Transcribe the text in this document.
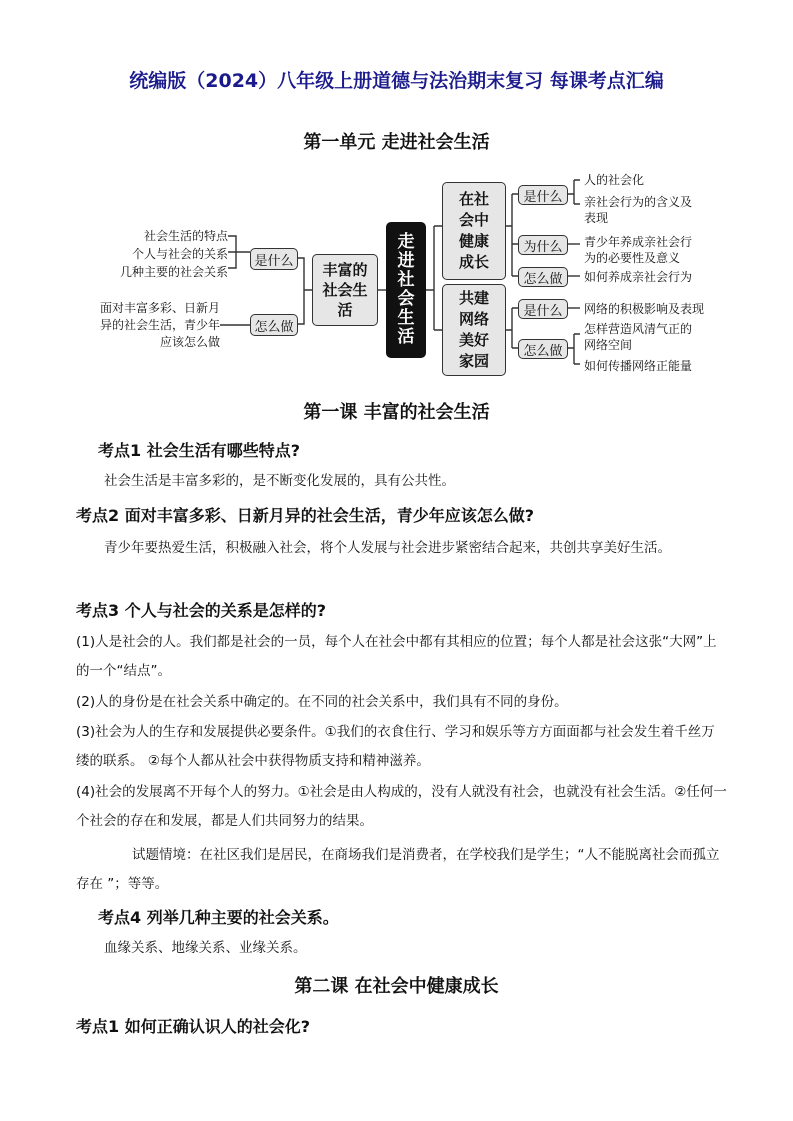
统编版（2024）八年级上册道德与法治期末复习 每课考点汇编
第一单元 走进社会生活
社会生活的特点
个人与社会的关系
几种主要的社会关系
面对丰富多彩、日新月
异的社会生活，青少年
应该怎么做
是什么
怎么做
丰富的社会生活
走进社会生活
在社会中健康成长
共建网络美好家园
是什么
为什么
怎么做
是什么
怎么做
人的社会化
亲社会行为的含义及
表现
青少年养成亲社会行
为的必要性及意义
如何养成亲社会行为
网络的积极影响及表现
怎样营造风清气正的
网络空间
如何传播网络正能量
第一课 丰富的社会生活
考点1 社会生活有哪些特点?
社会生活是丰富多彩的，是不断变化发展的，具有公共性。
考点2 面对丰富多彩、日新月异的社会生活，青少年应该怎么做?
青少年要热爱生活，积极融入社会，将个人发展与社会进步紧密结合起来，共创共享美好生活。
考点3 个人与社会的关系是怎样的?
(1)人是社会的人。我们都是社会的一员，每个人在社会中都有其相应的位置；每个人都是社会这张“大网”上的一个“结点”。
(2)人的身份是在社会关系中确定的。在不同的社会关系中，我们具有不同的身份。
(3)社会为人的生存和发展提供必要条件。①我们的衣食住行、学习和娱乐等方方面面都与社会发生着千丝万缕的联系。 ②每个人都从社会中获得物质支持和精神滋养。
(4)社会的发展离不开每个人的努力。①社会是由人构成的，没有人就没有社会，也就没有社会生活。②任何一个社会的存在和发展，都是人们共同努力的结果。
试题情境：在社区我们是居民，在商场我们是消费者，在学校我们是学生；“人不能脱离社会而孤立存在 ”；等等。
考点4 列举几种主要的社会关系。
血缘关系、地缘关系、业缘关系。
第二课 在社会中健康成长
考点1 如何正确认识人的社会化?
